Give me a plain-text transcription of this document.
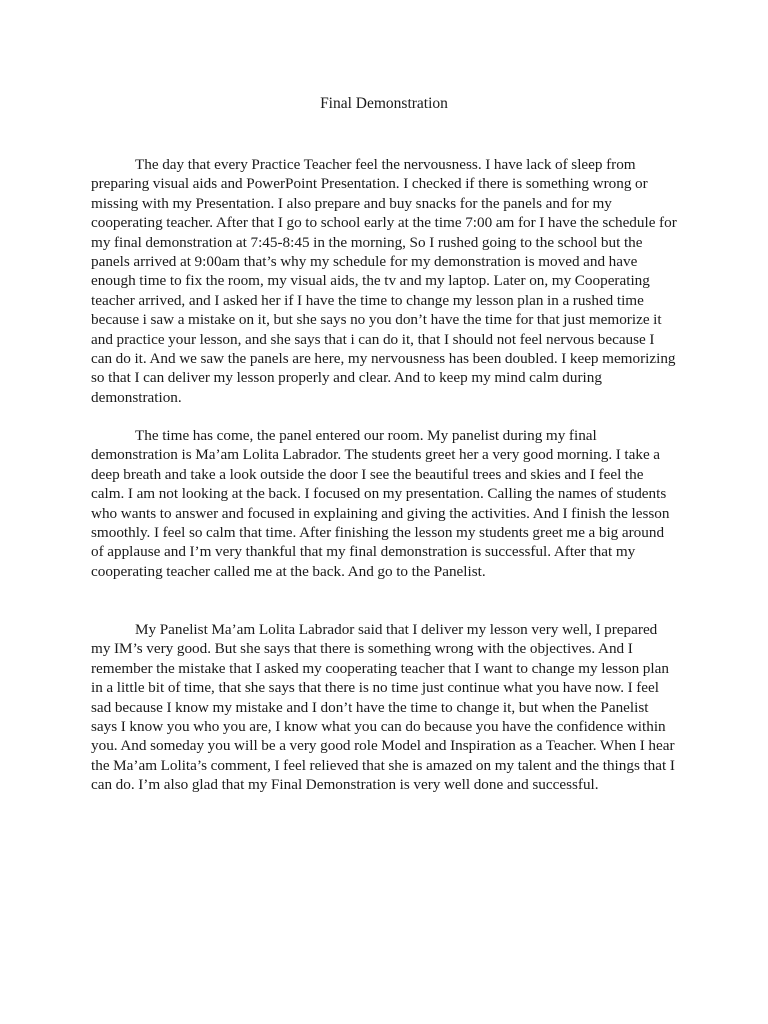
Final Demonstration

The day that every Practice Teacher feel the nervousness. I have lack of sleep from preparing visual aids and PowerPoint Presentation. I checked if there is something wrong or missing with my Presentation. I also prepare and buy snacks for the panels and for my cooperating teacher. After that I go to school early at the time 7:00 am for I have the schedule for my final demonstration at 7:45-8:45 in the morning, So I rushed going to the school but the panels arrived at 9:00am that’s why my schedule for my demonstration is moved and have enough time to fix the room, my visual aids, the tv and my laptop. Later on, my Cooperating teacher arrived, and I asked her if I have the time to change my lesson plan in a rushed time because i saw a mistake on it, but she says no you don’t have the time for that just memorize it and practice your lesson, and she says that i can do it, that I should not feel nervous because I can do it. And we saw the panels are here, my nervousness has been doubled. I keep memorizing so that I can deliver my lesson properly and clear. And to keep my mind calm during demonstration.

The time has come, the panel entered our room. My panelist during my final demonstration is Ma’am Lolita Labrador. The students greet her a very good morning. I take a deep breath and take a look outside the door I see the beautiful trees and skies and I feel the calm. I am not looking at the back. I focused on my presentation. Calling the names of students who wants to answer and focused in explaining and giving the activities. And I finish the lesson smoothly. I feel so calm that time. After finishing the lesson my students greet me a big around of applause and I’m very thankful that my final demonstration is successful. After that my cooperating teacher called me at the back. And go to the Panelist.

My Panelist Ma’am Lolita Labrador said that I deliver my lesson very well, I prepared my IM’s very good. But she says that there is something wrong with the objectives. And I remember the mistake that I asked my cooperating teacher that I want to change my lesson plan in a little bit of time, that she says that there is no time just continue what you have now. I feel sad because I know my mistake and I don’t have the time to change it, but when the Panelist says I know you who you are, I know what you can do because you have the confidence within you. And someday you will be a very good role Model and Inspiration as a Teacher. When I hear the Ma’am Lolita’s comment, I feel relieved that she is amazed on my talent and the things that I can do. I’m also glad that my Final Demonstration is very well done and successful.
